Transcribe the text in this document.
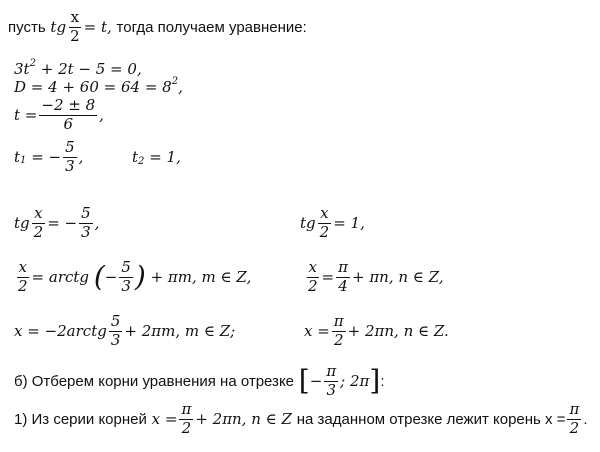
пусть
tg $\frac{x}{2} = t$,
тогда получаем уравнение:
3t 2
+ 2t − 5 = 0,
D = 4 + 60 = 64 = 8 2 ,
$t = \frac{-2 \pm 8}{6}$ ,
t 1
= − $\frac{5}{3}$ ,	t 2
= 1,
tg $\frac{x}{2}$ = − $\frac{5}{3}$ ,	tg $\frac{x}{2} = 1$,
$\frac{x}{2}$ = arctg
( − $\frac{5}{3}$ )
+ πm, m ∈ Z,	$\frac{x}{2} = \frac{\pi}{4} + \pi n$, n ∈ Z,
x = −2arctg $\frac{5}{3} + 2\pi m$, m ∈ Z;	$x = \frac{\pi}{2} + 2\pi n$, n ∈ Z.
б) Отберем корни уравнения на отрезке
[ − $\frac{\pi}{3}$ ; 2π ] :
1) Из серии корней
$x = \frac{\pi}{2} + 2\pi n$, n ∈ Z
на заданном отрезке лежит корень $x = \frac{\pi}{2}$ .
